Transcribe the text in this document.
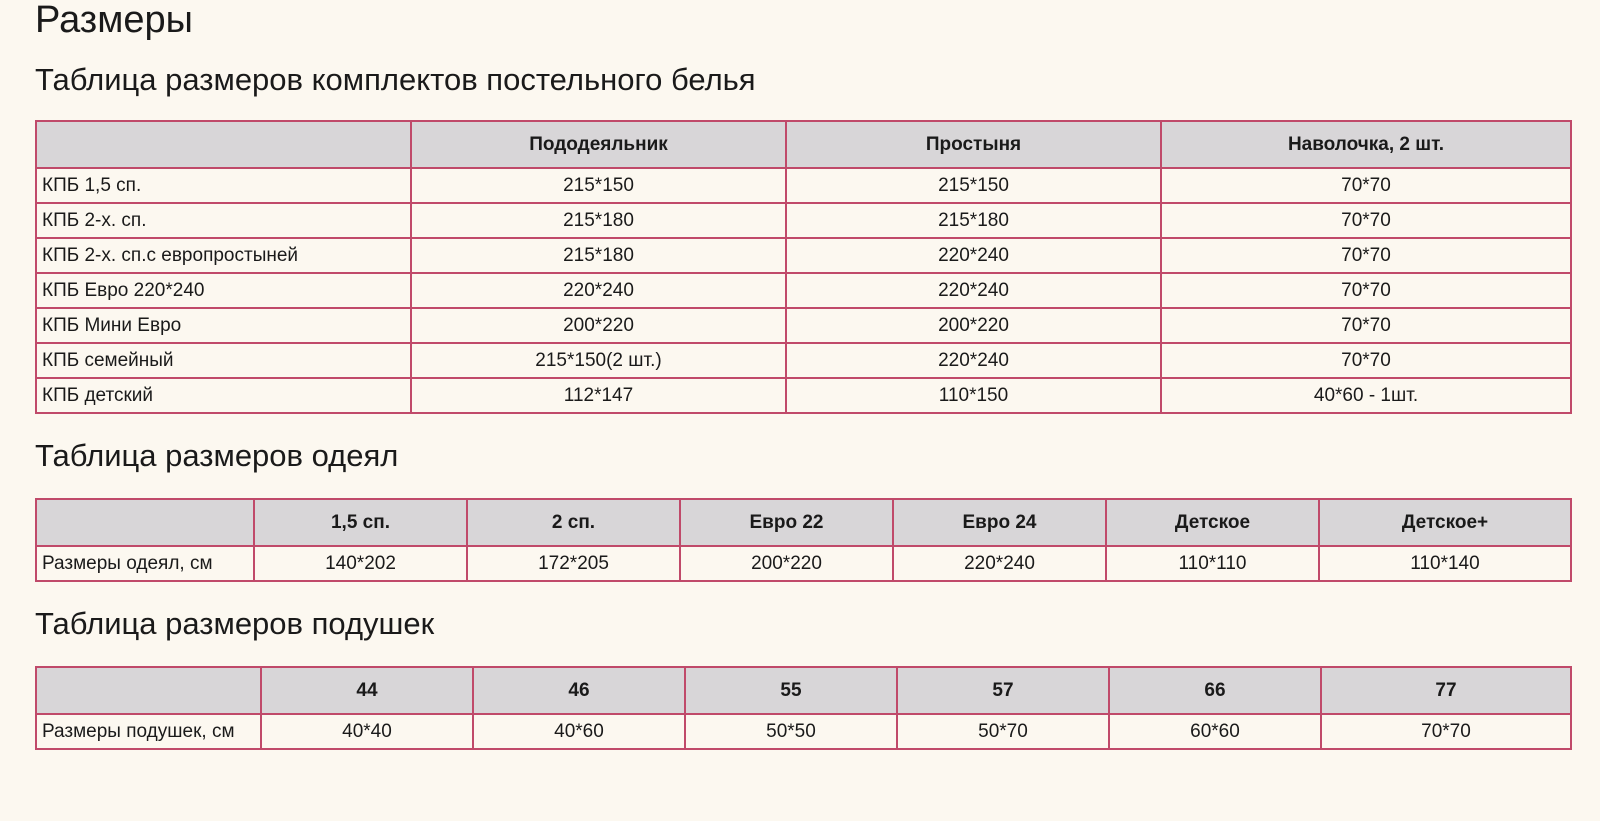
Размеры
Таблица размеров комплектов постельного белья
	Пододеяльник	Простыня	Наволочка, 2 шт.
КПБ 1,5 сп.	215*150	215*150	70*70
КПБ 2-х. сп.	215*180	215*180	70*70
КПБ 2-х. сп.с европростыней	215*180	220*240	70*70
КПБ Евро 220*240	220*240	220*240	70*70
КПБ Мини Евро	200*220	200*220	70*70
КПБ семейный	215*150(2 шт.)	220*240	70*70
КПБ детский	112*147	110*150	40*60 - 1шт.
Таблица размеров одеял
	1,5 сп.	2 сп.	Евро 22	Евро 24	Детское	Детское+
Размеры одеял, см	140*202	172*205	200*220	220*240	110*110	110*140
Таблица размеров подушек
	44	46	55	57	66	77
Размеры подушек, см	40*40	40*60	50*50	50*70	60*60	70*70
